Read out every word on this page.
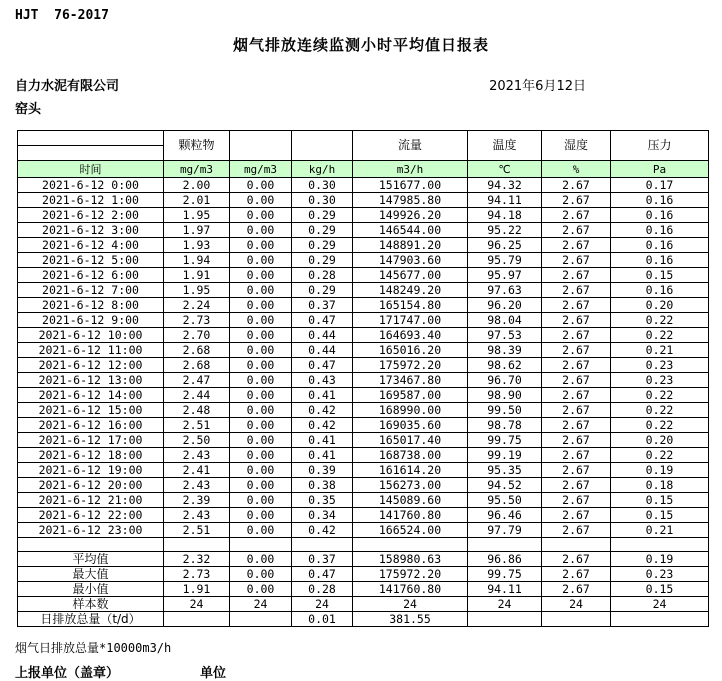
HJT  76-2017
烟气排放连续监测小时平均值日报表
自力水泥有限公司	2021年6月12日
窑头
	颗粒物			流量	温度	湿度	压力

时间	mg/m3	mg/m3	kg/h	m3/h	℃	%	Pa
2021-6-12 0:00	2.00	0.00	0.30	151677.00	94.32	2.67	0.17
2021-6-12 1:00	2.01	0.00	0.30	147985.80	94.11	2.67	0.16
2021-6-12 2:00	1.95	0.00	0.29	149926.20	94.18	2.67	0.16
2021-6-12 3:00	1.97	0.00	0.29	146544.00	95.22	2.67	0.16
2021-6-12 4:00	1.93	0.00	0.29	148891.20	96.25	2.67	0.16
2021-6-12 5:00	1.94	0.00	0.29	147903.60	95.79	2.67	0.16
2021-6-12 6:00	1.91	0.00	0.28	145677.00	95.97	2.67	0.15
2021-6-12 7:00	1.95	0.00	0.29	148249.20	97.63	2.67	0.16
2021-6-12 8:00	2.24	0.00	0.37	165154.80	96.20	2.67	0.20
2021-6-12 9:00	2.73	0.00	0.47	171747.00	98.04	2.67	0.22
2021-6-12 10:00	2.70	0.00	0.44	164693.40	97.53	2.67	0.22
2021-6-12 11:00	2.68	0.00	0.44	165016.20	98.39	2.67	0.21
2021-6-12 12:00	2.68	0.00	0.47	175972.20	98.62	2.67	0.23
2021-6-12 13:00	2.47	0.00	0.43	173467.80	96.70	2.67	0.23
2021-6-12 14:00	2.44	0.00	0.41	169587.00	98.90	2.67	0.22
2021-6-12 15:00	2.48	0.00	0.42	168990.00	99.50	2.67	0.22
2021-6-12 16:00	2.51	0.00	0.42	169035.60	98.78	2.67	0.22
2021-6-12 17:00	2.50	0.00	0.41	165017.40	99.75	2.67	0.20
2021-6-12 18:00	2.43	0.00	0.41	168738.00	99.19	2.67	0.22
2021-6-12 19:00	2.41	0.00	0.39	161614.20	95.35	2.67	0.19
2021-6-12 20:00	2.43	0.00	0.38	156273.00	94.52	2.67	0.18
2021-6-12 21:00	2.39	0.00	0.35	145089.60	95.50	2.67	0.15
2021-6-12 22:00	2.43	0.00	0.34	141760.80	96.46	2.67	0.15
2021-6-12 23:00	2.51	0.00	0.42	166524.00	97.79	2.67	0.21

平均值	2.32	0.00	0.37	158980.63	96.86	2.67	0.19
最大值	2.73	0.00	0.47	175972.20	99.75	2.67	0.23
最小值	1.91	0.00	0.28	141760.80	94.11	2.67	0.15
样本数	24	24	24	24	24	24	24
日排放总量（t/d）			0.01	381.55			
烟气日排放总量*10000m3/h
上报单位（盖章）	单位
